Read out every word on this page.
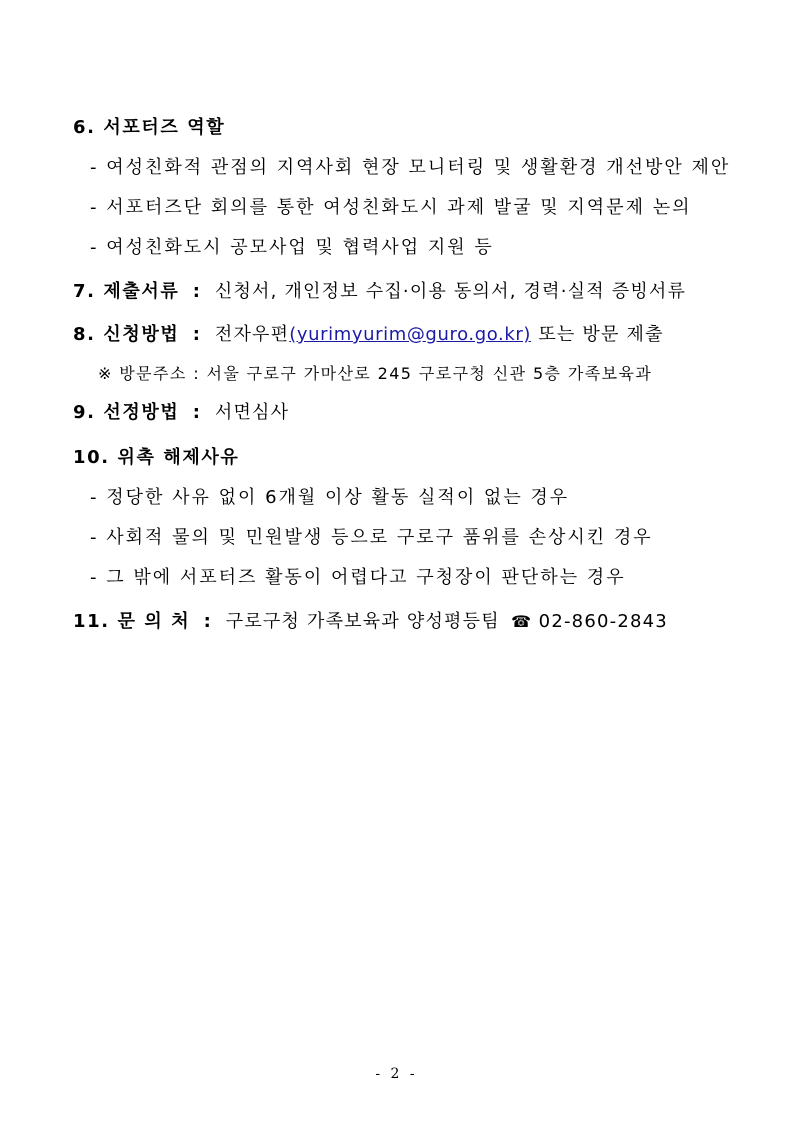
6. 서포터즈 역할
- 여성친화적 관점의 지역사회 현장 모니터링 및 생활환경 개선방안 제안
- 서포터즈단 회의를 통한 여성친화도시 과제 발굴 및 지역문제 논의
- 여성친화도시 공모사업 및 협력사업 지원 등
7. 제출서류 : 신청서, 개인정보 수집·이용 동의서, 경력·실적 증빙서류
8. 신청방법 : 전자우편(yurimyurim@guro.go.kr) 또는 방문 제출
※ 방문주소 : 서울 구로구 가마산로 245 구로구청 신관 5층 가족보육과
9. 선정방법 : 서면심사
10. 위촉 해제사유
- 정당한 사유 없이 6개월 이상 활동 실적이 없는 경우
- 사회적 물의 및 민원발생 등으로 구로구 품위를 손상시킨 경우
- 그 밖에 서포터즈 활동이 어렵다고 구청장이 판단하는 경우
11. 문 의 처 : 구로구청 가족보육과 양성평등팀 ☎ 02-860-2843
- 2 -
